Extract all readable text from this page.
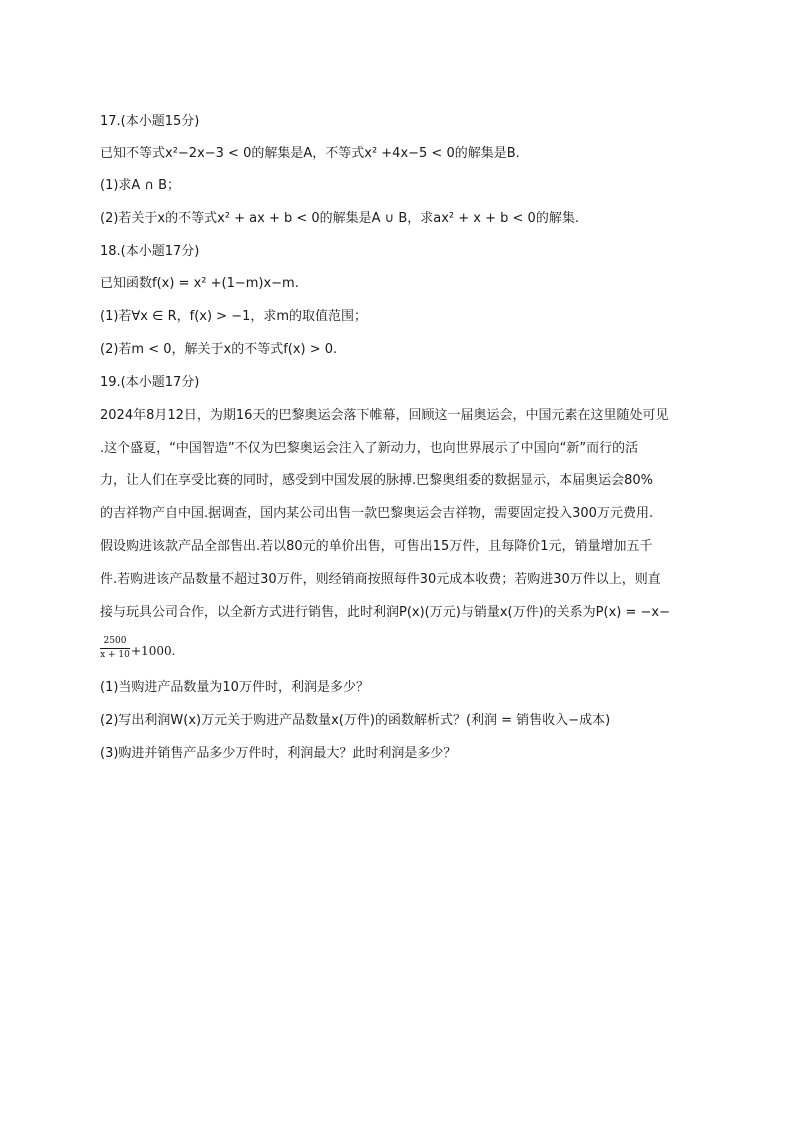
17.(本小题15分)
已知不等式x²−2x−3 < 0的解集是A，不等式x² +4x−5 < 0的解集是B.
(1)求A ∩ B；
(2)若关于x的不等式x² + ax + b < 0的解集是A ∪ B，求ax² + x + b < 0的解集.
18.(本小题17分)
已知函数f(x) = x² +(1−m)x−m.
(1)若∀x ∈ R，f(x) > −1，求m的取值范围；
(2)若m < 0，解关于x的不等式f(x) > 0.
19.(本小题17分)
2024年8月12日，为期16天的巴黎奥运会落下帷幕，回顾这一届奥运会，中国元素在这里随处可见
.这个盛夏，“中国智造”不仅为巴黎奥运会注入了新动力，也向世界展示了中国向“新”而行的活
力，让人们在享受比赛的同时，感受到中国发展的脉搏.巴黎奥组委的数据显示，本届奥运会80%
的吉祥物产自中国.据调查，国内某公司出售一款巴黎奥运会吉祥物，需要固定投入300万元费用.
假设购进该款产品全部售出.若以80元的单价出售，可售出15万件，且每降价1元，销量增加五千
件.若购进该产品数量不超过30万件，则经销商按照每件30元成本收费；若购进30万件以上，则直
接与玩具公司合作，以全新方式进行销售，此时利润P(x)(万元)与销量x(万件)的关系为P(x) = −x−
$\frac{2500}{x + 10} +1000$.
(1)当购进产品数量为10万件时，利润是多少？
(2)写出利润W(x)万元关于购进产品数量x(万件)的函数解析式？(利润 = 销售收入−成本)
(3)购进并销售产品多少万件时，利润最大？此时利润是多少？
